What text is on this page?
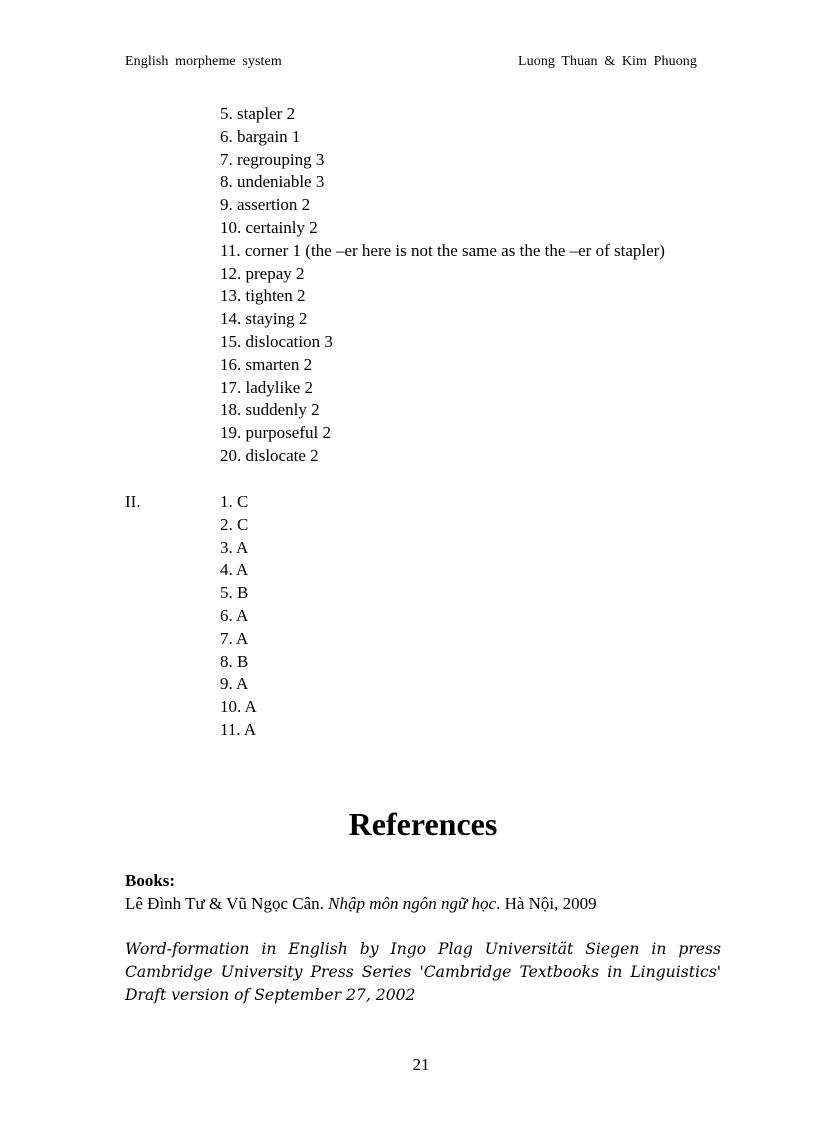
English morpheme system	Luong Thuan & Kim Phuong
5. stapler 2
6. bargain 1
7. regrouping 3
8. undeniable 3
9. assertion 2
10. certainly 2
11. corner 1 (the –er here is not the same as the the –er of stapler)
12. prepay 2
13. tighten 2
14. staying 2
15. dislocation 3
16. smarten 2
17. ladylike 2
18. suddenly 2
19. purposeful 2
20. dislocate 2
II.	1. C
2. C
3. A
4. A
5. B
6. A
7. A
8. B
9. A
10. A
11. A
References
Books:
Lê Đình Tư & Vũ Ngọc Cân. Nhập môn ngôn ngữ học. Hà Nội, 2009
Word-formation in English by Ingo Plag Universität Siegen in press Cambridge University Press Series 'Cambridge Textbooks in Linguistics' Draft version of September 27, 2002
21
